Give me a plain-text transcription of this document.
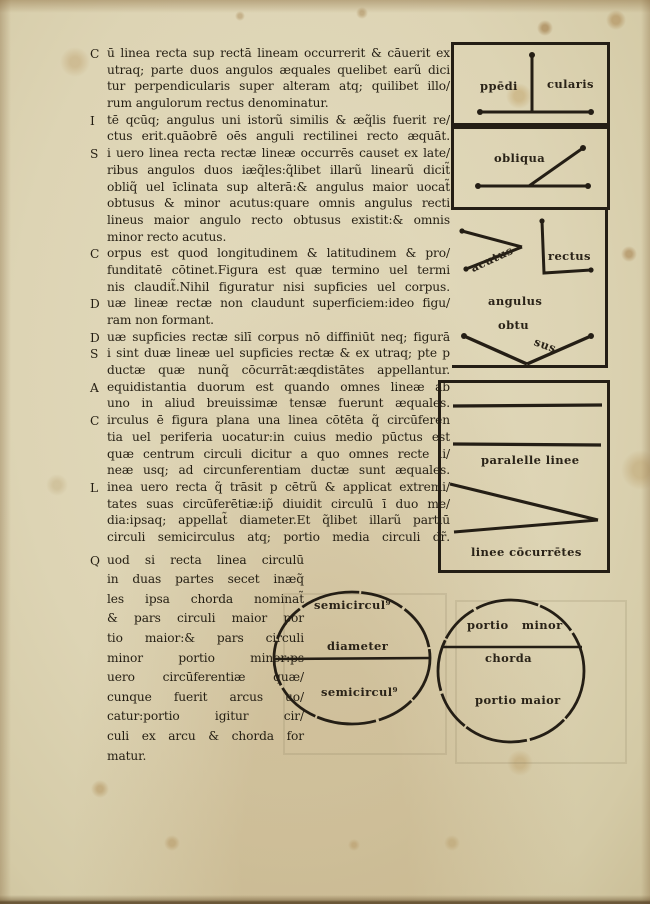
C ū linea recta sup rectā lineam occurrerit & cāuerit ex
utraq; parte duos angulos æquales quelibet earũ dici
tur perpendicularis super alteram atq; quilibet illo/
rum angulorum rectus denominatur.
I tē qcūq; angulus uni istorũ similis & æq̃lis fuerit re/
ctus erit.quāobrē oēs anguli rectilinei recto æquāt.
S i uero linea recta rectæ lineæ occurrēs causet ex late/
ribus angulos duos iæq̃les:q̃libet illarũ linearũ dicit̃
obliq̃ uel īclinata sup alterā:& angulus maior uocat̃
obtusus & minor acutus:quare omnis angulus recti
lineus maior angulo recto obtusus existit:& omnis
minor recto acutus.
C orpus est quod longitudinem & latitudinem & pro/
funditatē cōtinet.Figura est quæ termino uel termi
nis claudit̃.Nihil figuratur nisi supficies uel corpus.
D uæ lineæ rectæ non claudunt superficiem:ideo figu/
ram non formant.
D uæ supficies rectæ silī corpus nō diffiniūt neq; figurā
S i sint duæ lineæ uel supficies rectæ & ex utraq; pte p
ductæ quæ nunq̃ cōcurrāt:æqdistātes appellantur.
A equidistantia duorum est quando omnes lineæ ab
uno in aliud breuissimæ tensæ fuerunt æquales.
C irculus ē figura plana una linea cōtēta q̃ circūferen
tia uel periferia uocatur:in cuius medio pūctus est
quæ centrum circuli dicitur a quo omnes recte li/
neæ usq; ad circunferentiam ductæ sunt æquales.
L inea uero recta q̃ trāsit p cētrũ & applicat extremi/
tates suas circūferētiæ:ip̃ diuidit circulū ī duo me/
dia:ipsaq; appellat̃ diameter.Et q̃libet illarũ partiū
circuli semicirculus atq; portio media circuli dr̃.
Q uod si recta linea circulū
in duas partes secet inæq̃
les ipsa chorda nominat̃
& pars circuli maior por
tio maior:& pars circuli
minor portio minor:ps
uero circūferentiæ quæ/
cunque fuerit arcus uo/
catur:portio igitur cir/
culi ex arcu & chorda for
matur.
ppēdi	cularis
obliqua
acutus	rectus
angulus
obtu
sus
paralelle linee
linee cōcurrētes
semicircul⁹
diameter
semicircul⁹
portio minor
chorda
portio maior
